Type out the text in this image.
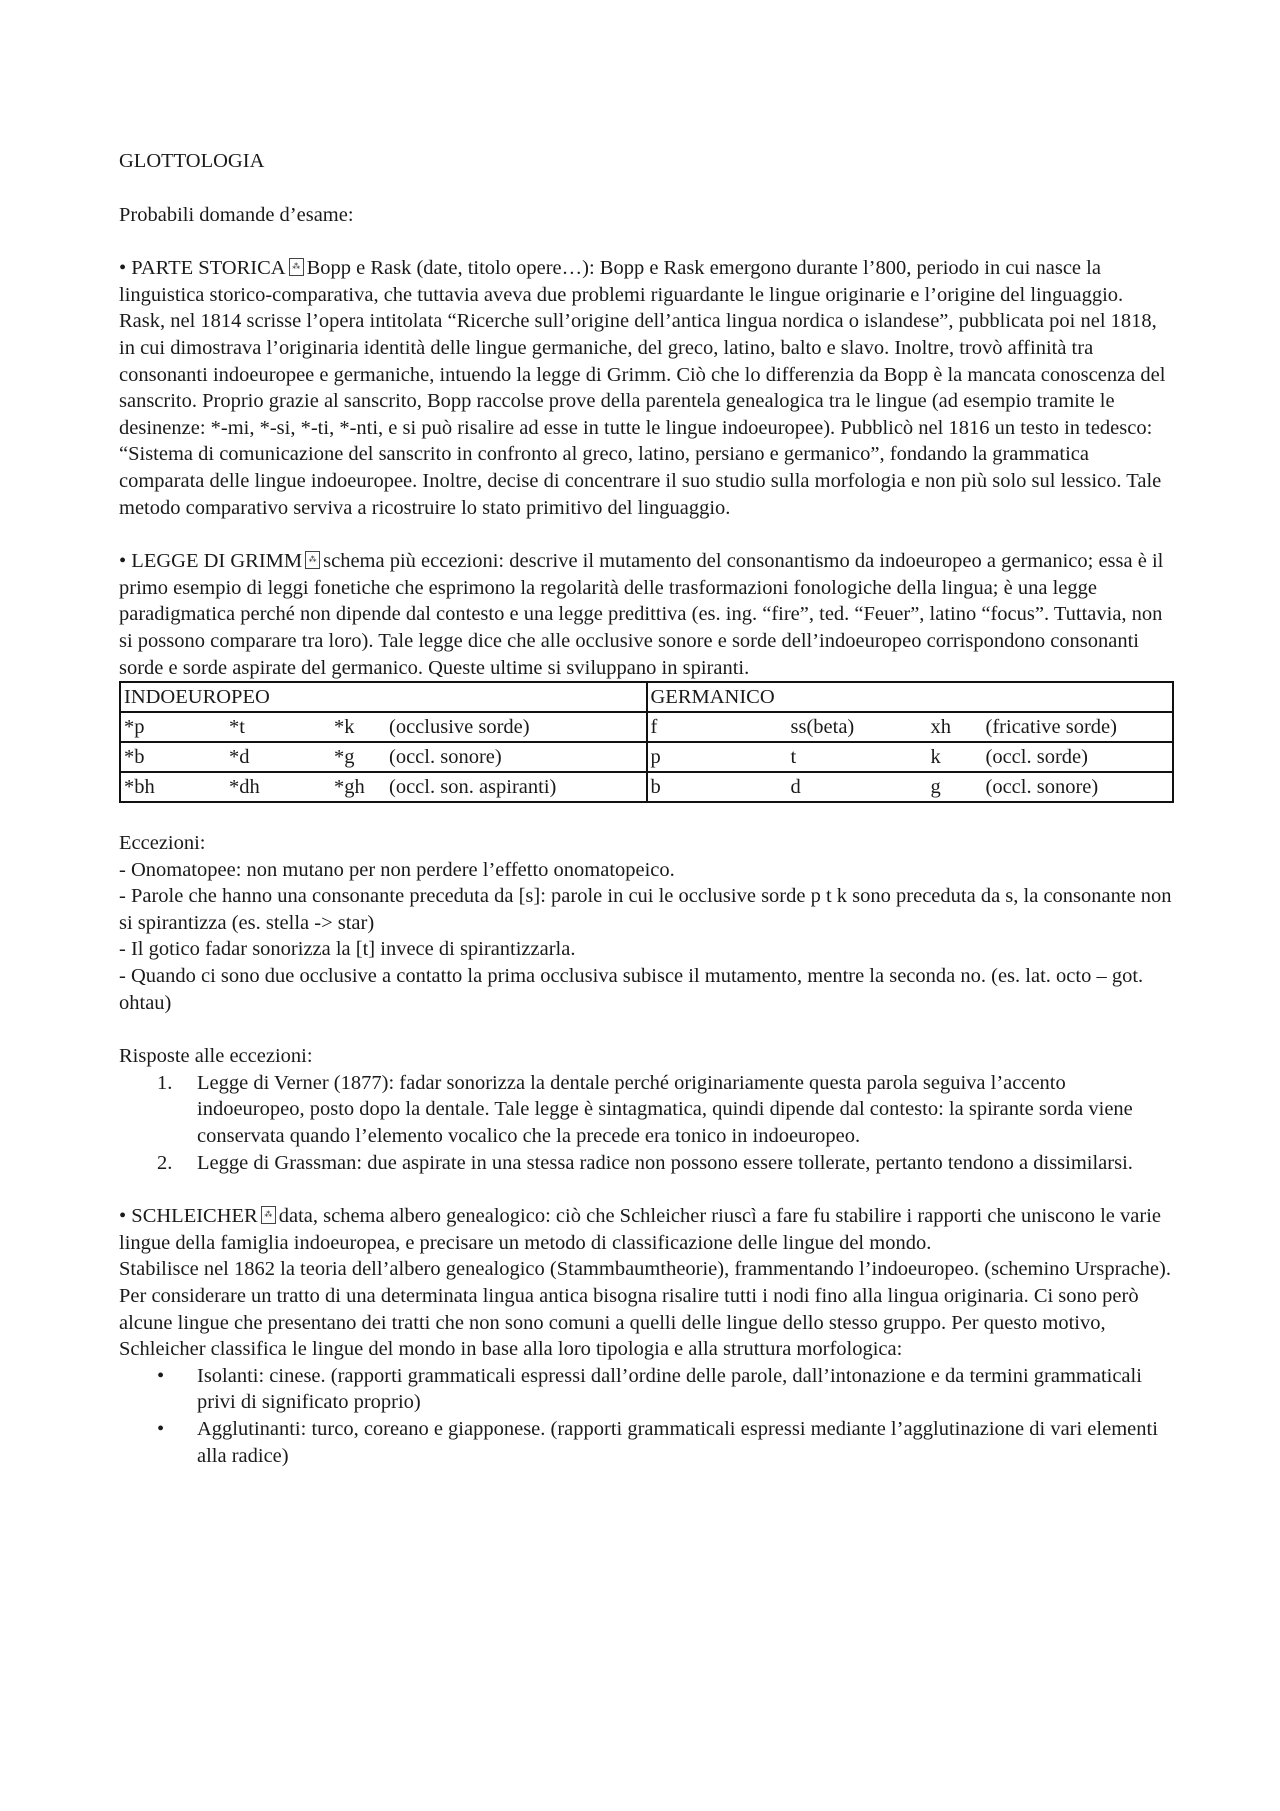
GLOTTOLOGIA

Probabili domande d’esame:

• PARTE STORICA ⁂ Bopp e Rask (date, titolo opere…): Bopp e Rask emergono durante l’800, periodo in cui nasce la linguistica storico-comparativa, che tuttavia aveva due problemi riguardante le lingue originarie e l’origine del linguaggio. Rask, nel 1814 scrisse l’opera intitolata “Ricerche sull’origine dell’antica lingua nordica o islandese”, pubblicata poi nel 1818, in cui dimostrava l’originaria identità delle lingue germaniche, del greco, latino, balto e slavo. Inoltre, trovò affinità tra consonanti indoeuropee e germaniche, intuendo la legge di Grimm. Ciò che lo differenzia da Bopp è la mancata conoscenza del sanscrito. Proprio grazie al sanscrito, Bopp raccolse prove della parentela genealogica tra le lingue (ad esempio tramite le desinenze: *-mi, *-si, *-ti, *-nti, e si può risalire ad esse in tutte le lingue indoeuropee). Pubblicò nel 1816 un testo in tedesco: “Sistema di comunicazione del sanscrito in confronto al greco, latino, persiano e germanico”, fondando la grammatica comparata delle lingue indoeuropee. Inoltre, decise di concentrare il suo studio sulla morfologia e non più solo sul lessico. Tale metodo comparativo serviva a ricostruire lo stato primitivo del linguaggio.

• LEGGE DI GRIMM ⁂ schema più eccezioni: descrive il mutamento del consonantismo da indoeuropeo a germanico; essa è il primo esempio di leggi fonetiche che esprimono la regolarità delle trasformazioni fonologiche della lingua; è una legge paradigmatica perché non dipende dal contesto e una legge predittiva (es. ing. “fire”, ted. “Feuer”, latino “focus”. Tuttavia, non si possono comparare tra loro). Tale legge dice che alle occlusive sonore e sorde dell’indoeuropeo corrispondono consonanti sorde e sorde aspirate del germanico. Queste ultime si sviluppano in spiranti.

INDOEUROPEO	GERMANICO

*p *t *k (occlusive sorde)	f ss(beta) xh (fricative sorde)

*b *d *g (occl. sonore)	p t k (occl. sorde)

*bh *dh *gh (occl. son. aspiranti)	b d g (occl. sonore)

Eccezioni:

- Onomatopee: non mutano per non perdere l’effetto onomatopeico.

- Parole che hanno una consonante preceduta da [s]: parole in cui le occlusive sorde p t k sono preceduta da s, la consonante non si spirantizza (es. stella -> star)

- Il gotico fadar sonorizza la [t] invece di spirantizzarla.

- Quando ci sono due occlusive a contatto la prima occlusiva subisce il mutamento, mentre la seconda no. (es. lat. octo – got. ohtau)

Risposte alle eccezioni:

1. Legge di Verner (1877): fadar sonorizza la dentale perché originariamente questa parola seguiva l’accento indoeuropeo, posto dopo la dentale. Tale legge è sintagmatica, quindi dipende dal contesto: la spirante sorda viene conservata quando l’elemento vocalico che la precede era tonico in indoeuropeo.
2. Legge di Grassman: due aspirate in una stessa radice non possono essere tollerate, pertanto tendono a dissimilarsi.

• SCHLEICHER ⁂ data, schema albero genealogico: ciò che Schleicher riuscì a fare fu stabilire i rapporti che uniscono le varie lingue della famiglia indoeuropea, e precisare un metodo di classificazione delle lingue del mondo.

Stabilisce nel 1862 la teoria dell’albero genealogico (Stammbaumtheorie), frammentando l’indoeuropeo. (schemino Ursprache). Per considerare un tratto di una determinata lingua antica bisogna risalire tutti i nodi fino alla lingua originaria. Ci sono però alcune lingue che presentano dei tratti che non sono comuni a quelli delle lingue dello stesso gruppo. Per questo motivo, Schleicher classifica le lingue del mondo in base alla loro tipologia e alla struttura morfologica:

• Isolanti: cinese. (rapporti grammaticali espressi dall’ordine delle parole, dall’intonazione e da termini grammaticali privi di significato proprio)
• Agglutinanti: turco, coreano e giapponese. (rapporti grammaticali espressi mediante l’agglutinazione di vari elementi alla radice)
